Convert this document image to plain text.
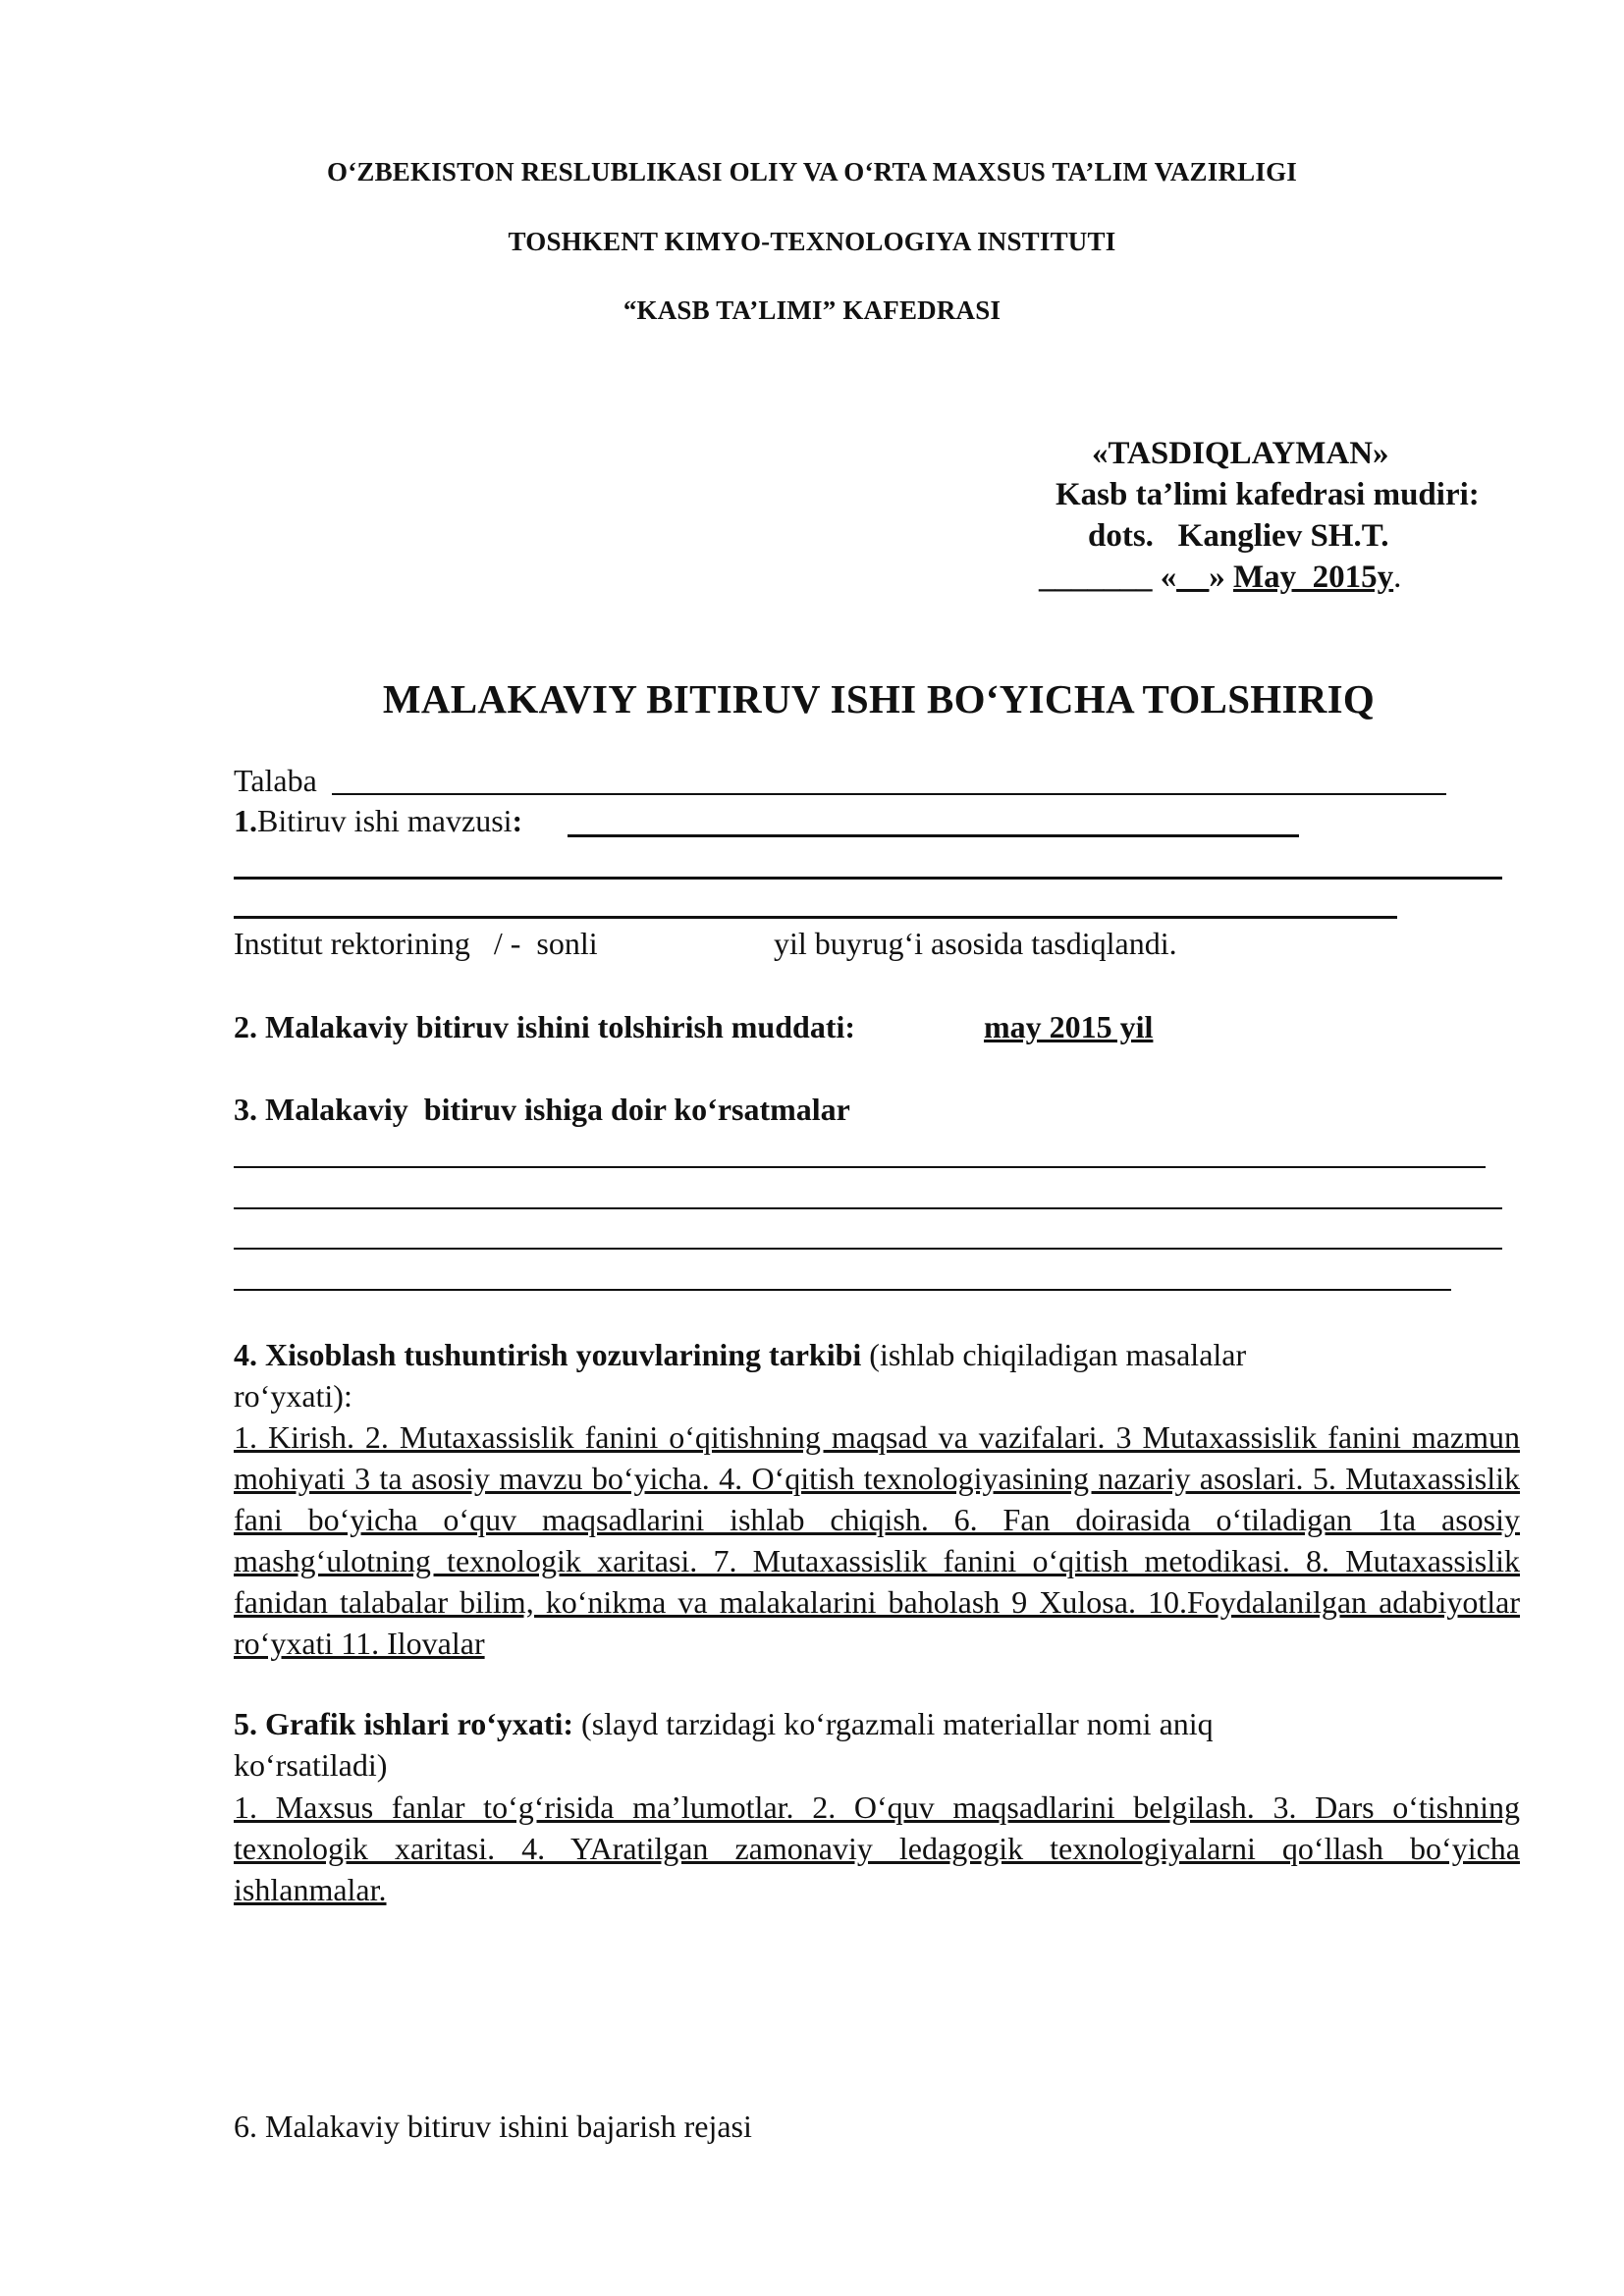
O‘ZBEKISTON RESLUBLIKASI OLIY VA O‘RTA MAXSUS TA’LIM VAZIRLIGI
TOSHKENT KIMYO-TEXNOLOGIYA INSTITUTI
“KASB TA’LIMI” KAFEDRASI
«TASDIQLAYMAN»
Kasb ta’limi kafedrasi mudiri:
dots.   Kangliev SH.T.
_______ «__» May  2015y.
MALAKAVIY BITIRUV ISHI BO‘YICHA TOLSHIRIQ
Talaba
1.Bitiruv ishi mavzusi:
Institut rektorining   / -  sonli	yil buyrug‘i asosida tasdiqlandi.
2. Malakaviy bitiruv ishini tolshirish muddati:	may 2015 yil
3. Malakaviy  bitiruv ishiga doir ko‘rsatmalar
4. Xisoblash tushuntirish yozuvlarining tarkibi (ishlab chiqiladigan masalalar
ro‘yxati):
1. Kirish. 2. Mutaxassislik fanini o‘qitishning maqsad va vazifalari. 3 Mutaxassislik fanini mazmun mohiyati 3 ta asosiy mavzu bo‘yicha. 4. O‘qitish texnologiyasining nazariy asoslari. 5. Mutaxassislik fani bo‘yicha o‘quv maqsadlarini ishlab chiqish. 6. Fan doirasida o‘tiladigan 1ta asosiy mashg‘ulotning texnologik xaritasi. 7. Mutaxassislik fanini o‘qitish metodikasi. 8. Mutaxassislik fanidan talabalar bilim, ko‘nikma va malakalarini baholash 9 Xulosa. 10.Foydalanilgan adabiyotlar ro‘yxati 11. Ilovalar
5. Grafik ishlari ro‘yxati: (slayd tarzidagi ko‘rgazmali materiallar nomi aniq
ko‘rsatiladi)
1. Maxsus fanlar to‘g‘risida ma’lumotlar. 2. O‘quv maqsadlarini belgilash. 3. Dars o‘tishning texnologik xaritasi. 4. YAratilgan zamonaviy ledagogik texnologiyalarni qo‘llash bo‘yicha ishlanmalar.
6. Malakaviy bitiruv ishini bajarish rejasi
